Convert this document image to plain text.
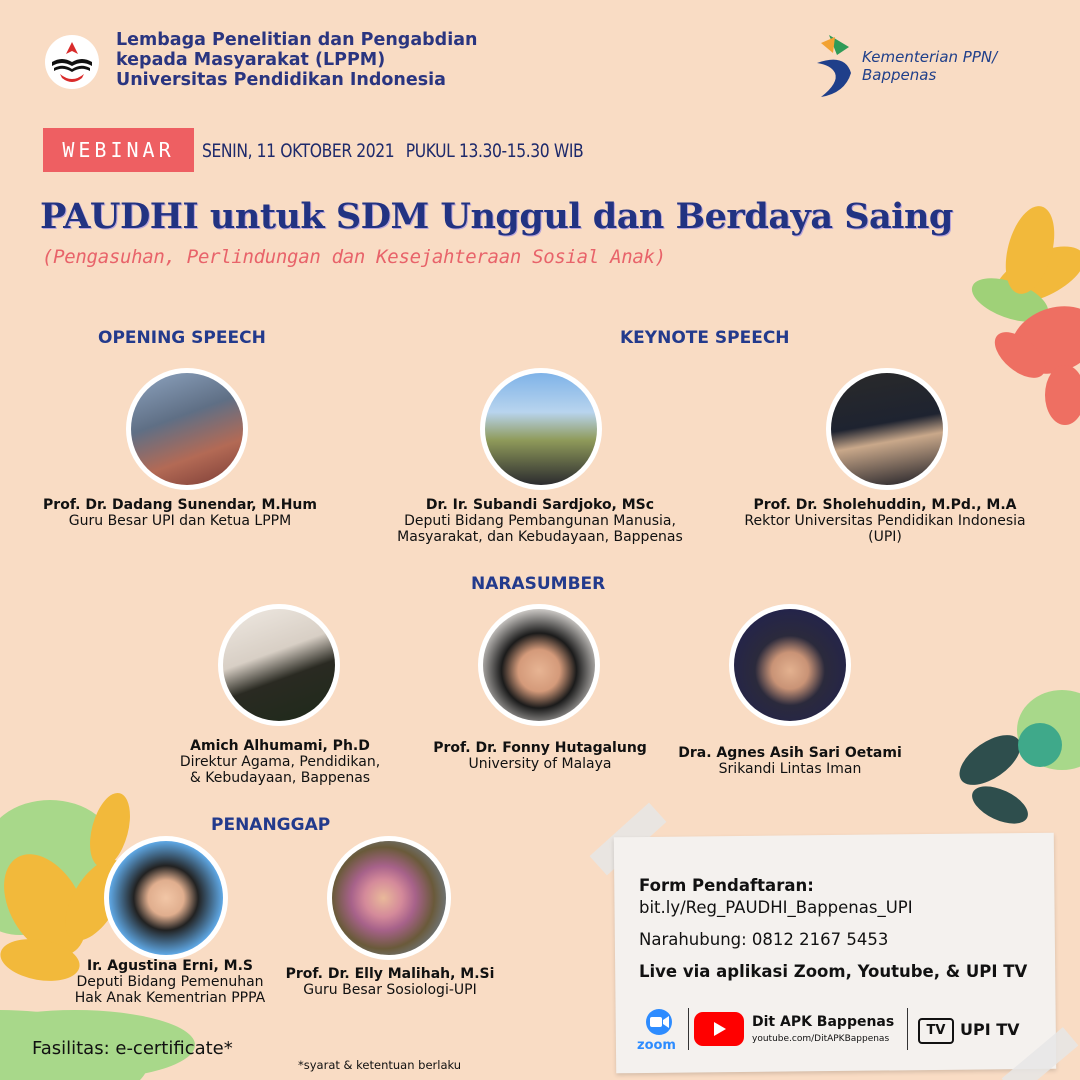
Lembaga Penelitian dan Pengabdian
kepada Masyarakat (LPPM)
Universitas Pendidikan Indonesia
Kementerian PPN/
Bappenas
WEBINAR	SENIN, 11 OKTOBER 2021 PUKUL 13.30-15.30 WIB
PAUDHI untuk SDM Unggul dan Berdaya Saing
(Pengasuhan, Perlindungan dan Kesejahteraan Sosial Anak)
OPENING SPEECH	KEYNOTE SPEECH
NARASUMBER
PENANGGAP
Prof. Dr. Dadang Sunendar, M.Hum
Guru Besar UPI dan Ketua LPPM
Dr. Ir. Subandi Sardjoko, MSc
Deputi Bidang Pembangunan Manusia,
Masyarakat, dan Kebudayaan, Bappenas
Prof. Dr. Sholehuddin, M.Pd., M.A
Rektor Universitas Pendidikan Indonesia
(UPI)
Amich Alhumami, Ph.D
Direktur Agama, Pendidikan,
& Kebudayaan, Bappenas
Prof. Dr. Fonny Hutagalung
University of Malaya
Dra. Agnes Asih Sari Oetami
Srikandi Lintas Iman
Ir. Agustina Erni, M.S
Deputi Bidang Pemenuhan
Hak Anak Kementrian PPPA
Prof. Dr. Elly Malihah, M.Si
Guru Besar Sosiologi-UPI
Form Pendaftaran:
bit.ly/Reg_PAUDHI_Bappenas_UPI
Narahubung: 0812 2167 5453
Live via aplikasi Zoom, Youtube, & UPI TV
zoom
Dit APK Bappenas
youtube.com/DitAPKBappenas
TV UPI TV
Fasilitas: e-certificate*
*syarat & ketentuan berlaku
